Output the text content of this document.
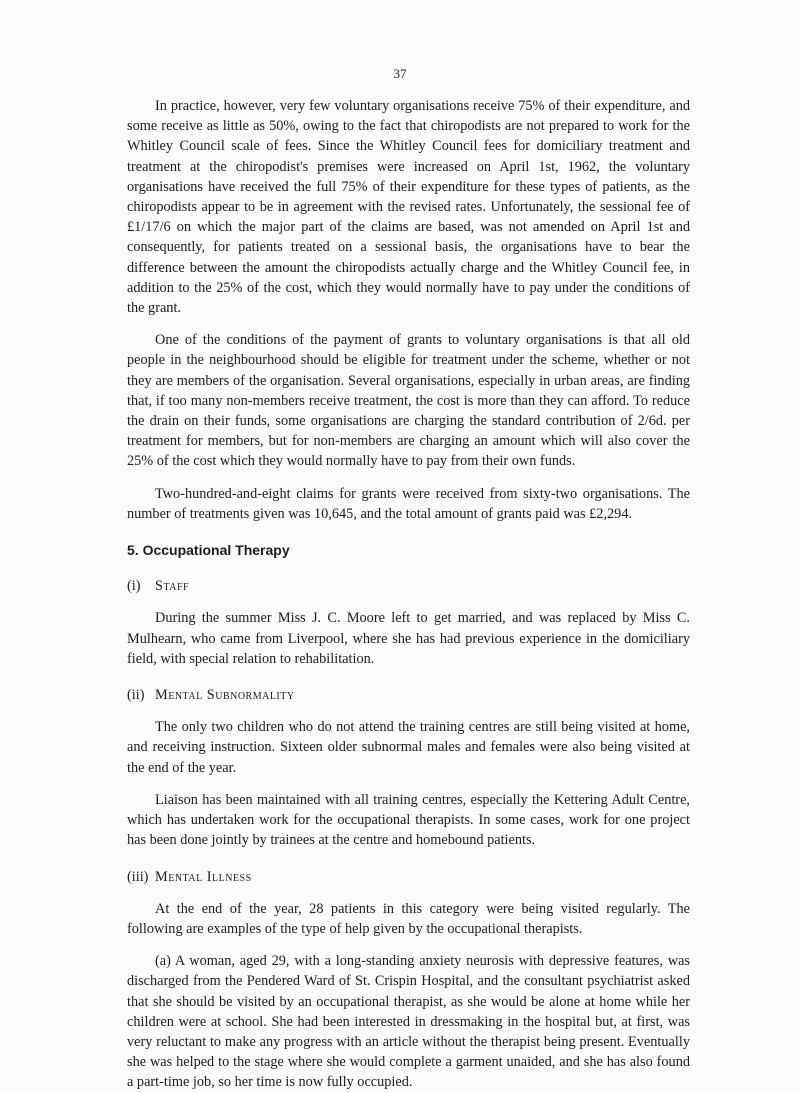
37

In practice, however, very few voluntary organisations receive 75% of their expenditure, and some receive as little as 50%, owing to the fact that chiropodists are not prepared to work for the Whitley Council scale of fees. Since the Whitley Council fees for domiciliary treatment and treatment at the chiropodist's premises were increased on April 1st, 1962, the voluntary organisations have received the full 75% of their expenditure for these types of patients, as the chiropodists appear to be in agreement with the revised rates. Unfortunately, the sessional fee of £1/17/6 on which the major part of the claims are based, was not amended on April 1st and consequently, for patients treated on a sessional basis, the organisations have to bear the difference between the amount the chiropodists actually charge and the Whitley Council fee, in addition to the 25% of the cost, which they would normally have to pay under the conditions of the grant.

One of the conditions of the payment of grants to voluntary organisations is that all old people in the neighbourhood should be eligible for treatment under the scheme, whether or not they are members of the organisation. Several organisations, especially in urban areas, are finding that, if too many non-members receive treatment, the cost is more than they can afford. To reduce the drain on their funds, some organisations are charging the standard contribution of 2/6d. per treatment for members, but for non-members are charging an amount which will also cover the 25% of the cost which they would normally have to pay from their own funds.

Two-hundred-and-eight claims for grants were received from sixty-two organisations. The number of treatments given was 10,645, and the total amount of grants paid was £2,294.

5. Occupational Therapy
(i) Staff

During the summer Miss J. C. Moore left to get married, and was replaced by Miss C. Mulhearn, who came from Liverpool, where she has had previous experience in the domiciliary field, with special relation to rehabilitation.

(ii) Mental Subnormality

The only two children who do not attend the training centres are still being visited at home, and receiving instruction. Sixteen older subnormal males and females were also being visited at the end of the year.

Liaison has been maintained with all training centres, especially the Kettering Adult Centre, which has undertaken work for the occupational therapists. In some cases, work for one project has been done jointly by trainees at the centre and homebound patients.

(iii) Mental Illness

At the end of the year, 28 patients in this category were being visited regularly. The following are examples of the type of help given by the occupational therapists.

(a) A woman, aged 29, with a long-standing anxiety neurosis with depressive features, was discharged from the Pendered Ward of St. Crispin Hospital, and the consultant psychiatrist asked that she should be visited by an occupational therapist, as she would be alone at home while her children were at school. She had been interested in dressmaking in the hospital but, at first, was very reluctant to make any progress with an article without the therapist being present. Eventually she was helped to the stage where she would complete a garment unaided, and she has also found a part-time job, so her time is now fully occupied.
